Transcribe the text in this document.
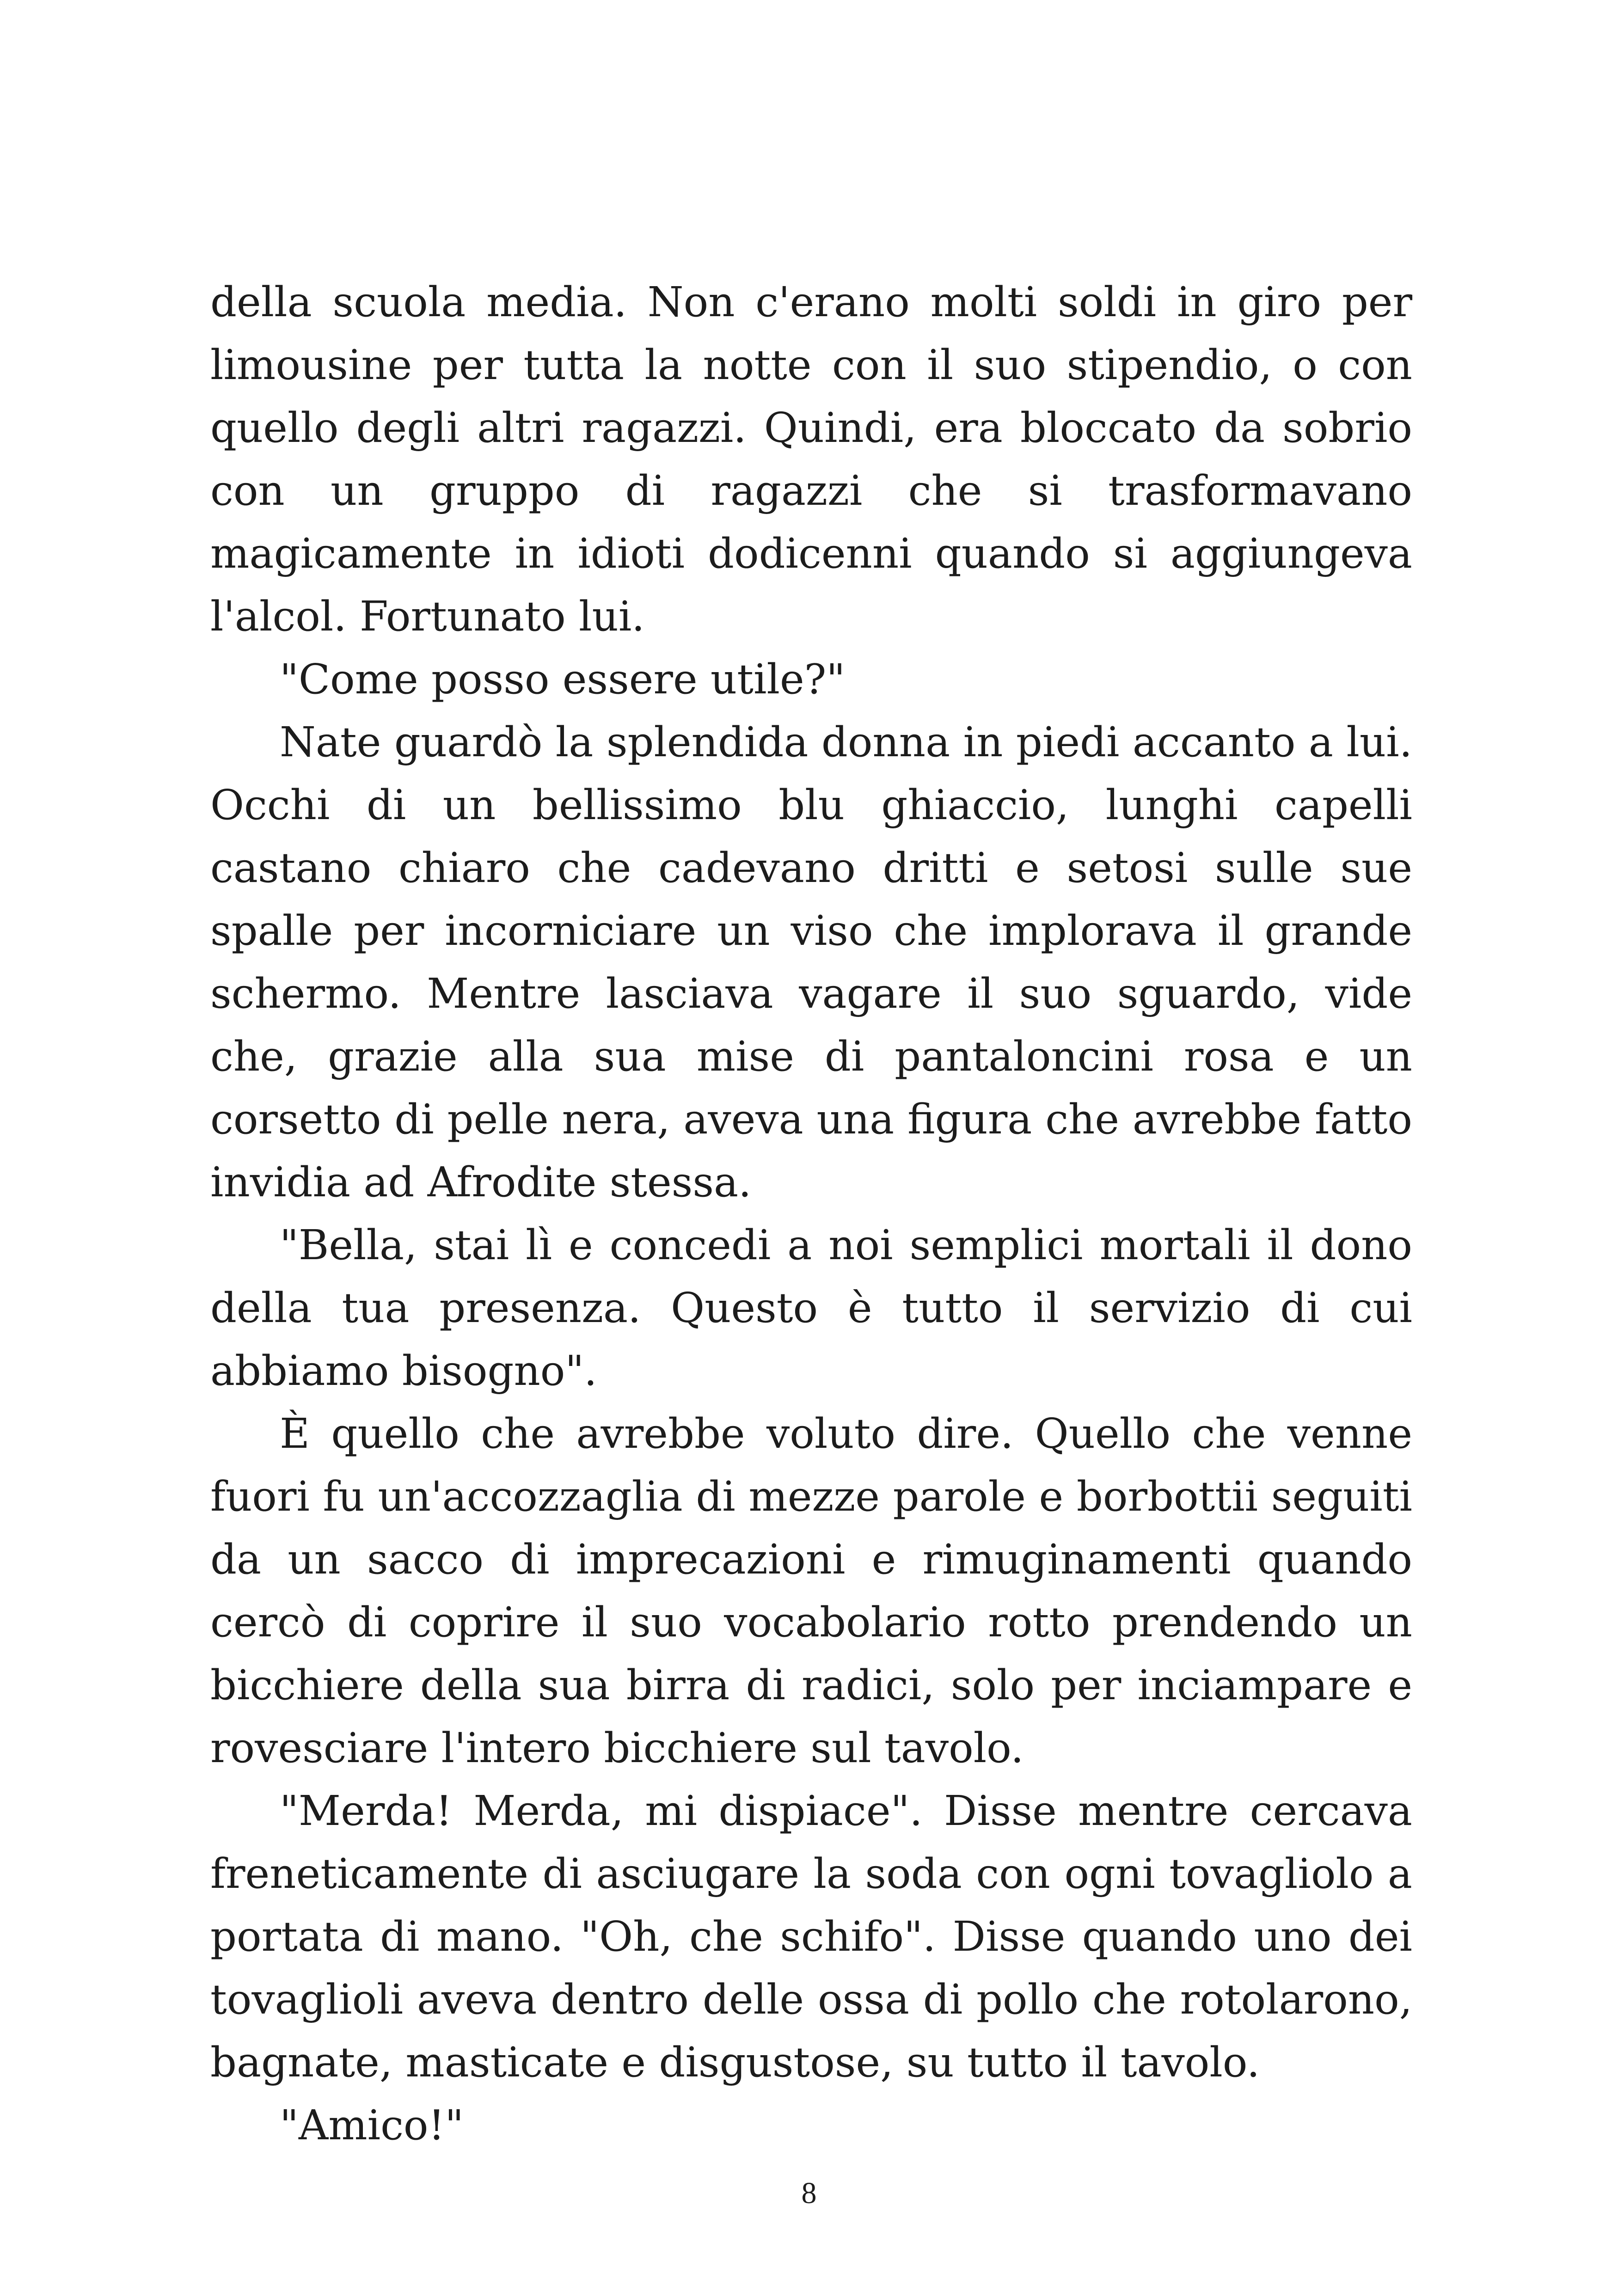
della scuola media. Non c'erano molti soldi in giro per limousine per tutta la notte con il suo stipendio, o con quello degli altri ragazzi. Quindi, era bloccato da sobrio con un gruppo di ragazzi che si trasformavano magicamente in idioti dodicenni quando si aggiungeva l'alcol. Fortunato lui.

"Come posso essere utile?"

Nate guardò la splendida donna in piedi accanto a lui. Occhi di un bellissimo blu ghiaccio, lunghi capelli castano chiaro che cadevano dritti e setosi sulle sue spalle per incorniciare un viso che implorava il grande schermo. Mentre lasciava vagare il suo sguardo, vide che, grazie alla sua mise di pantaloncini rosa e un corsetto di pelle nera, aveva una figura che avrebbe fatto invidia ad Afrodite stessa.

"Bella, stai lì e concedi a noi semplici mortali il dono della tua presenza. Questo è tutto il servizio di cui abbiamo bisogno".

È quello che avrebbe voluto dire. Quello che venne fuori fu un'accozzaglia di mezze parole e borbottii seguiti da un sacco di imprecazioni e rimuginamenti quando cercò di coprire il suo vocabolario rotto prendendo un bicchiere della sua birra di radici, solo per inciampare e rovesciare l'intero bicchiere sul tavolo.

"Merda! Merda, mi dispiace". Disse mentre cercava freneticamente di asciugare la soda con ogni tovagliolo a portata di mano. "Oh, che schifo". Disse quando uno dei tovaglioli aveva dentro delle ossa di pollo che rotolarono, bagnate, masticate e disgustose, su tutto il tavolo.

"Amico!"

8
